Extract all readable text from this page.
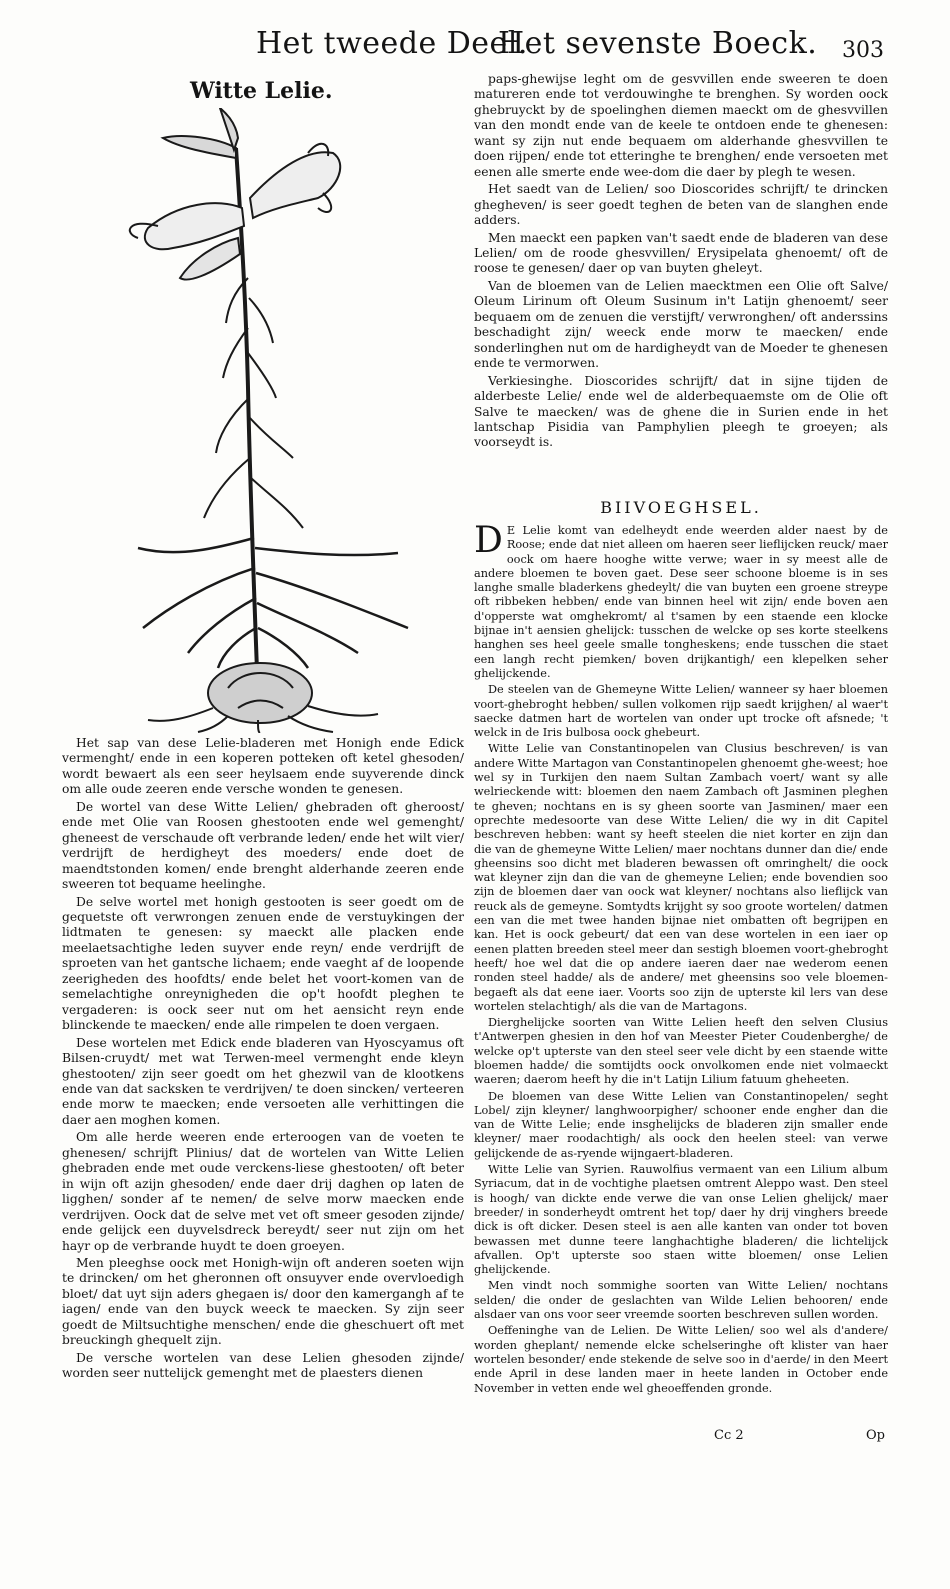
Het tweede Deel.
Het sevenste Boeck. 303
Witte Lelie.

Het sap van dese Lelie-bladeren met Honigh ende Edick vermenght/ ende in een koperen potteken oft ketel ghesoden/ wordt bewaert als een seer heylsaem ende suyverende dinck om alle oude zeeren ende versche wonden te genesen.

De wortel van dese Witte Lelien/ ghebraden oft gheroost/ ende met Olie van Roosen ghestooten ende wel gemenght/ gheneest de verschaude oft verbrande leden/ ende het wilt vier/ verdrijft de herdigheyt des moeders/ ende doet de maendtstonden komen/ ende brenght alderhande zeeren ende sweeren tot bequame heelinghe.

De selve wortel met honigh gestooten is seer goedt om de gequetste oft verwrongen zenuen ende de verstuykingen der lidtmaten te genesen: sy maeckt alle placken ende meelaetsachtighe leden suyver ende reyn/ ende verdrijft de sproeten van het gantsche lichaem; ende vaeght af de loopende zeerigheden des hoofdts/ ende belet het voort-komen van de semelachtighe onreynigheden die op't hoofdt pleghen te vergaderen: is oock seer nut om het aensicht reyn ende blinckende te maecken/ ende alle rimpelen te doen vergaen.

Dese wortelen met Edick ende bladeren van Hyoscyamus oft Bilsen-cruydt/ met wat Terwen-meel vermenght ende kleyn ghestooten/ zijn seer goedt om het ghezwil van de klootkens ende van dat sacksken te verdrijven/ te doen sincken/ verteeren ende morw te maecken; ende versoeten alle verhittingen die daer aen moghen komen.

Om alle herde weeren ende erteroogen van de voeten te ghenesen/ schrijft Plinius/ dat de wortelen van Witte Lelien ghebraden ende met oude verckens-liese ghestooten/ oft beter in wijn oft azijn ghesoden/ ende daer drij daghen op laten de ligghen/ sonder af te nemen/ de selve morw maecken ende verdrijven. Oock dat de selve met vet oft smeer gesoden zijnde/ ende gelijck een duyvelsdreck bereydt/ seer nut zijn om het hayr op de verbrande huydt te doen groeyen.

Men pleeghse oock met Honigh-wijn oft anderen soeten wijn te drincken/ om het gheronnen oft onsuyver ende overvloedigh bloet/ dat uyt sijn aders ghegaen is/ door den kamergangh af te iagen/ ende van den buyck weeck te maecken. Sy zijn seer goedt de Miltsuchtighe menschen/ ende die gheschuert oft met breuckingh ghequelt zijn.

De versche wortelen van dese Lelien ghesoden zijnde/ worden seer nuttelijck gemenght met de plaesters dienen

paps-ghewijse leght om de gesvvillen ende sweeren te doen matureren ende tot verdouwinghe te brenghen. Sy worden oock ghebruyckt by de spoelinghen diemen maeckt om de ghesvvillen van den mondt ende van de keele te ontdoen ende te ghenesen: want sy zijn nut ende bequaem om alderhande ghesvvillen te doen rijpen/ ende tot etteringhe te brenghen/ ende versoeten met eenen alle smerte ende wee-dom die daer by plegh te wesen.

Het saedt van de Lelien/ soo Dioscorides schrijft/ te drincken ghegheven/ is seer goedt teghen de beten van de slanghen ende adders.

Men maeckt een papken van't saedt ende de bladeren van dese Lelien/ om de roode ghesvvillen/ Erysipelata ghenoemt/ oft de roose te genesen/ daer op van buyten gheleyt.

Van de bloemen van de Lelien maecktmen een Olie oft Salve/ Oleum Lirinum oft Oleum Susinum in't Latijn ghenoemt/ seer bequaem om de zenuen die verstijft/ verwronghen/ oft anderssins beschadight zijn/ weeck ende morw te maecken/ ende sonderlinghen nut om de hardigheydt van de Moeder te ghenesen ende te vermorwen.

Verkiesinghe. Dioscorides schrijft/ dat in sijne tijden de alderbeste Lelie/ ende wel de alderbequaemste om de Olie oft Salve te maecken/ was de ghene die in Surien ende in het lantschap Pisidia van Pamphylien pleegh te groeyen; als voorseydt is.

BIIVOEGHSEL.

D E Lelie komt van edelheydt ende weerden alder naest by de Roose; ende dat niet alleen om haeren seer lieflijcken reuck/ maer oock om haere hooghe witte verwe; waer in sy meest alle de andere bloemen te boven gaet. Dese seer schoone bloeme is in ses langhe smalle bladerkens ghedeylt/ die van buyten een groene streype oft ribbeken hebben/ ende van binnen heel wit zijn/ ende boven aen d'opperste wat omghekromt/ al t'samen by een staende een klocke bijnae in't aensien ghelijck: tusschen de welcke op ses korte steelkens hanghen ses heel geele smalle tongheskens; ende tusschen die staet een langh recht piemken/ boven drijkantigh/ een klepelken seher ghelijckende.

De steelen van de Ghemeyne Witte Lelien/ wanneer sy haer bloemen voort-ghebroght hebben/ sullen volkomen rijp saedt krijghen/ al waer't saecke datmen hart de wortelen van onder upt trocke oft afsnede; 't welck in de Iris bulbosa oock ghebeurt.

Witte Lelie van Constantinopelen van Clusius beschreven/ is van andere Witte Martagon van Constantinopelen ghenoemt ghe-weest; hoe wel sy in Turkijen den naem Sultan Zambach voert/ want sy alle welrieckende witt: bloemen den naem Zambach oft Jasminen pleghen te gheven; nochtans en is sy gheen soorte van Jasminen/ maer een oprechte medesoorte van dese Witte Lelien/ die wy in dit Capitel beschreven hebben: want sy heeft steelen die niet korter en zijn dan die van de ghemeyne Witte Lelien/ maer nochtans dunner dan die/ ende gheensins soo dicht met bladeren bewassen oft omringhelt/ die oock wat kleyner zijn dan die van de ghemeyne Lelien; ende bovendien soo zijn de bloemen daer van oock wat kleyner/ nochtans also lieflijck van reuck als de gemeyne. Somtydts krijght sy soo groote wortelen/ datmen een van die met twee handen bijnae niet ombatten oft begrijpen en kan. Het is oock gebeurt/ dat een van dese wortelen in een iaer op eenen platten breeden steel meer dan sestigh bloemen voort-ghebroght heeft/ hoe wel dat die op andere iaeren daer nae wederom eenen ronden steel hadde/ als de andere/ met gheensins soo vele bloemen-begaeft als dat eene iaer. Voorts soo zijn de upterste kil lers van dese wortelen stelachtigh/ als die van de Martagons.

Dierghelijcke soorten van Witte Lelien heeft den selven Clusius t'Antwerpen ghesien in den hof van Meester Pieter Coudenberghe/ de welcke op't upterste van den steel seer vele dicht by een staende witte bloemen hadde/ die somtijdts oock onvolkomen ende niet volmaeckt waeren; daerom heeft hy die in't Latijn Lilium fatuum gheheeten.

De bloemen van dese Witte Lelien van Constantinopelen/ seght Lobel/ zijn kleyner/ langhwoorpigher/ schooner ende engher dan die van de Witte Lelie; ende insghelijcks de bladeren zijn smaller ende kleyner/ maer roodachtigh/ als oock den heelen steel: van verwe gelijckende de as-ryende wijngaert-bladeren.

Witte Lelie van Syrien. Rauwolfius vermaent van een Lilium album Syriacum, dat in de vochtighe plaetsen omtrent Aleppo wast. Den steel is hoogh/ van dickte ende verwe die van onse Lelien ghelijck/ maer breeder/ in sonderheydt omtrent het top/ daer hy drij vinghers breede dick is oft dicker. Desen steel is aen alle kanten van onder tot boven bewassen met dunne teere langhachtighe bladeren/ die lichtelijck afvallen. Op't upterste soo staen witte bloemen/ onse Lelien ghelijckende.

Men vindt noch sommighe soorten van Witte Lelien/ nochtans selden/ die onder de geslachten van Wilde Lelien behooren/ ende alsdaer van ons voor seer vreemde soorten beschreven sullen worden.

Oeffeninghe van de Lelien. De Witte Lelien/ soo wel als d'andere/ worden gheplant/ nemende elcke schelseringhe oft klister van haer wortelen besonder/ ende stekende de selve soo in d'aerde/ in den Meert ende April in dese landen maer in heete landen in October ende November in vetten ende wel gheoeffenden gronde.

Cc 2	Op
